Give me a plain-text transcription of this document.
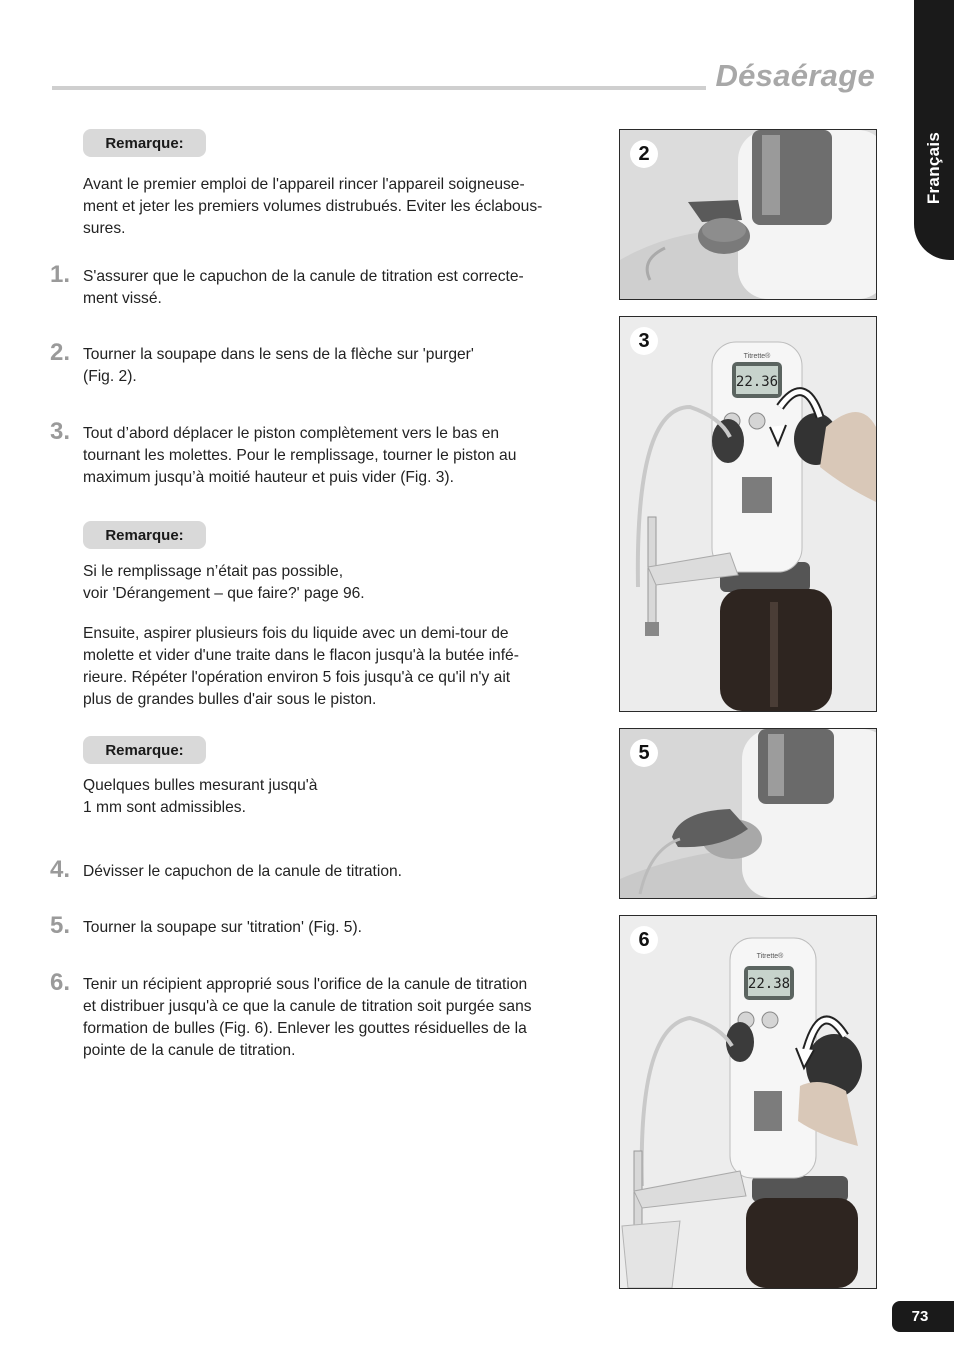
Désaérage
Français
Remarque:

Avant le premier emploi de l'appareil rincer l'appareil soigneuse-
ment et jeter les premiers volumes distrubués. Eviter les éclabous-
sures.

1. S'assurer que le capuchon de la canule de titration est correcte-
ment vissé.

2. Tourner la soupape dans le sens de la flèche sur 'purger'
(Fig. 2).

3. Tout d’abord déplacer le piston complètement vers le bas en
tournant les molettes. Pour le remplissage, tourner le piston au
maximum jusqu’à moitié hauteur et puis vider (Fig. 3).

Remarque:

Si le remplissage n’était pas possible,
voir 'Dérangement – que faire?' page 96.

Ensuite, aspirer plusieurs fois du liquide avec un demi-tour de
molette et vider d'une traite dans le flacon jusqu'à la butée infé-
rieure. Répéter l'opération environ 5 fois jusqu'à ce qu'il n'y ait
plus de grandes bulles d'air sous le piston.

Remarque:

Quelques bulles mesurant jusqu'à
1 mm sont admissibles.

4. Dévisser le capuchon de la canule de titration.

5. Tourner la soupape sur 'titration' (Fig. 5).

6. Tenir un récipient approprié sous l'orifice de la canule de titration
et distribuer jusqu'à ce que la canule de titration soit purgée sans
formation de bulles (Fig. 6). Enlever les gouttes résiduelles de la
pointe de la canule de titration.

2
22.36
Titrette®
3
5
22.38
Titrette®
6
73
